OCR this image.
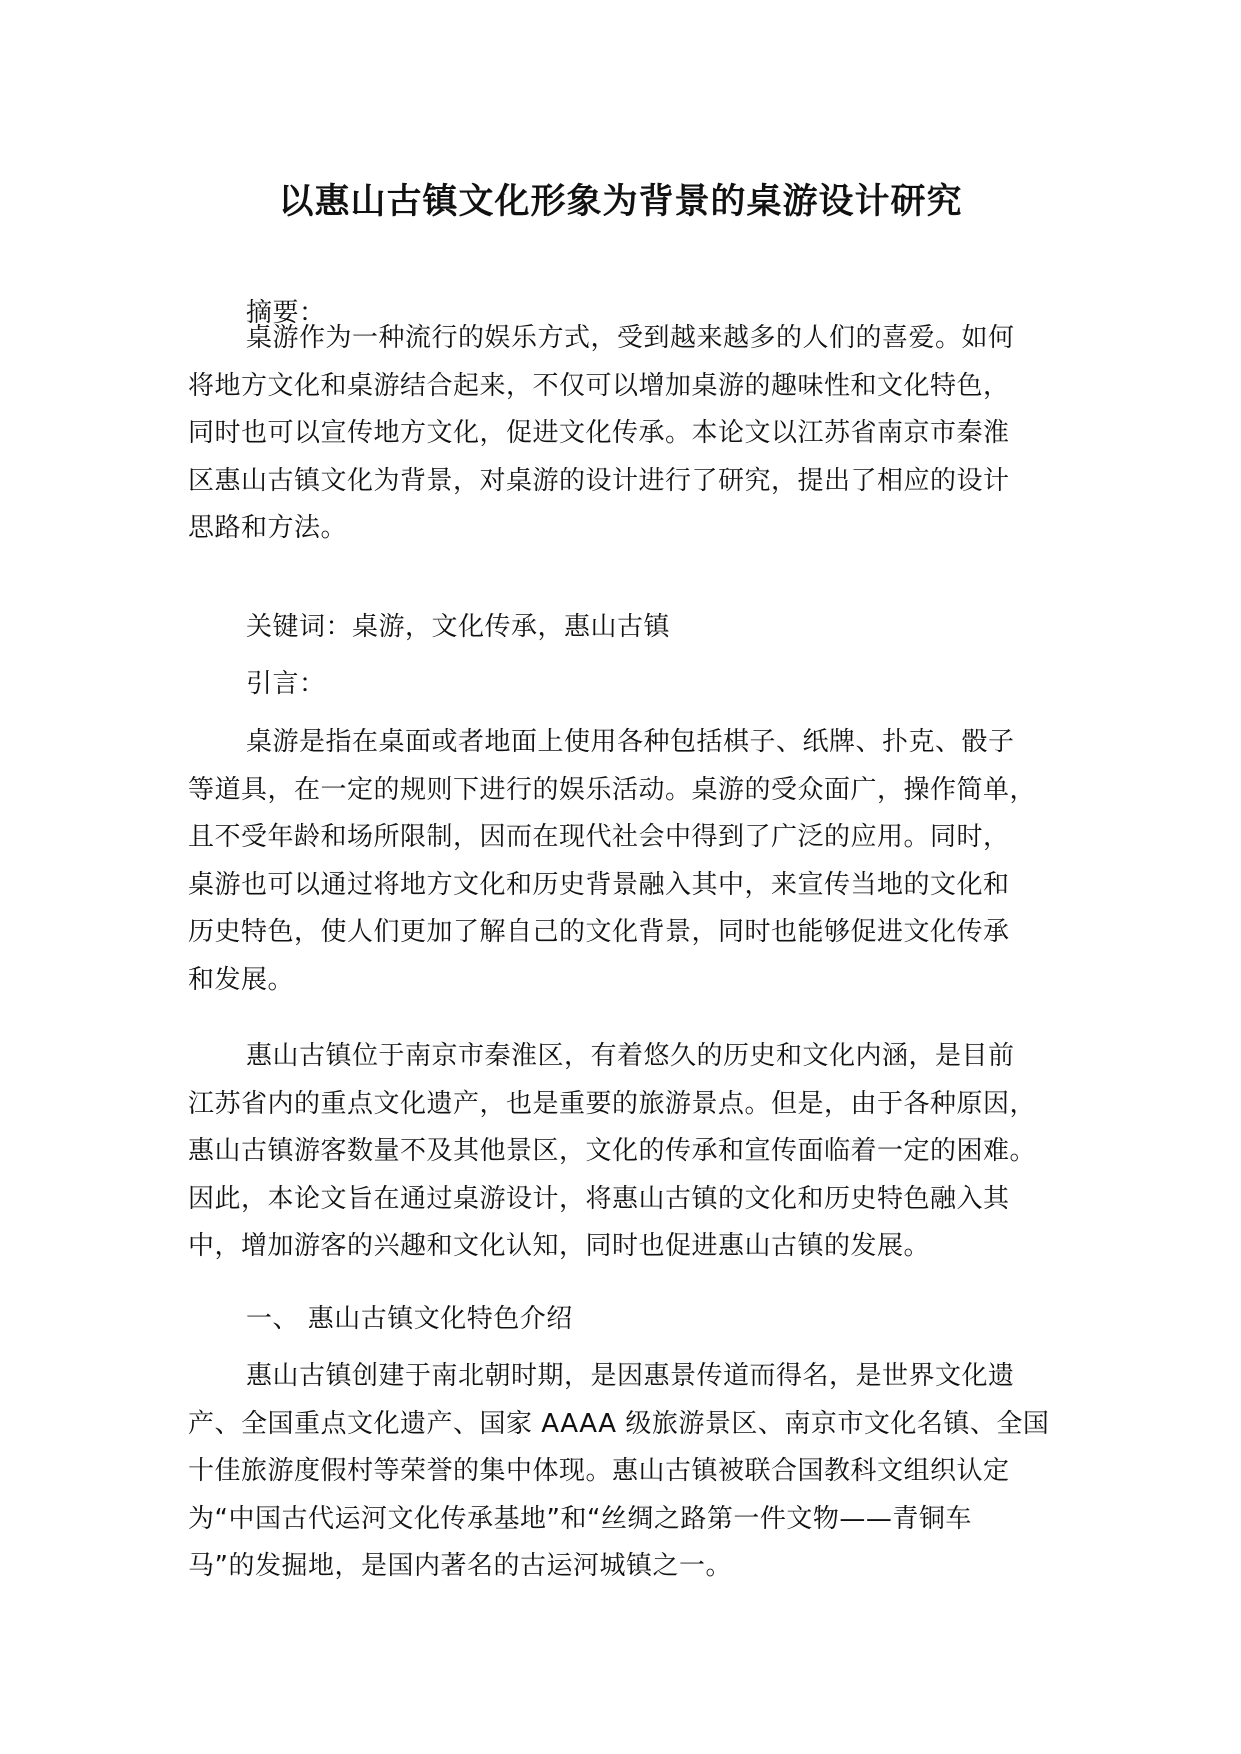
以惠山古镇文化形象为背景的桌游设计研究

摘要：

桌游作为一种流行的娱乐方式，受到越来越多的人们的喜爱。如何
将地方文化和桌游结合起来，不仅可以增加桌游的趣味性和文化特色，
同时也可以宣传地方文化，促进文化传承。本论文以江苏省南京市秦淮
区惠山古镇文化为背景，对桌游的设计进行了研究，提出了相应的设计
思路和方法。

关键词：桌游，文化传承，惠山古镇

引言：

桌游是指在桌面或者地面上使用各种包括棋子、纸牌、扑克、骰子
等道具，在一定的规则下进行的娱乐活动。桌游的受众面广，操作简单，
且不受年龄和场所限制，因而在现代社会中得到了广泛的应用。同时，
桌游也可以通过将地方文化和历史背景融入其中，来宣传当地的文化和
历史特色，使人们更加了解自己的文化背景，同时也能够促进文化传承
和发展。

惠山古镇位于南京市秦淮区，有着悠久的历史和文化内涵，是目前
江苏省内的重点文化遗产，也是重要的旅游景点。但是，由于各种原因，
惠山古镇游客数量不及其他景区，文化的传承和宣传面临着一定的困难。
因此，本论文旨在通过桌游设计，将惠山古镇的文化和历史特色融入其
中，增加游客的兴趣和文化认知，同时也促进惠山古镇的发展。

一、 惠山古镇文化特色介绍

惠山古镇创建于南北朝时期，是因惠景传道而得名，是世界文化遗
产、全国重点文化遗产、国家 AAAA 级旅游景区、南京市文化名镇、全国
十佳旅游度假村等荣誉的集中体现。惠山古镇被联合国教科文组织认定
为“中国古代运河文化传承基地”和“丝绸之路第一件文物——青铜车
马”的发掘地，是国内著名的古运河城镇之一。
